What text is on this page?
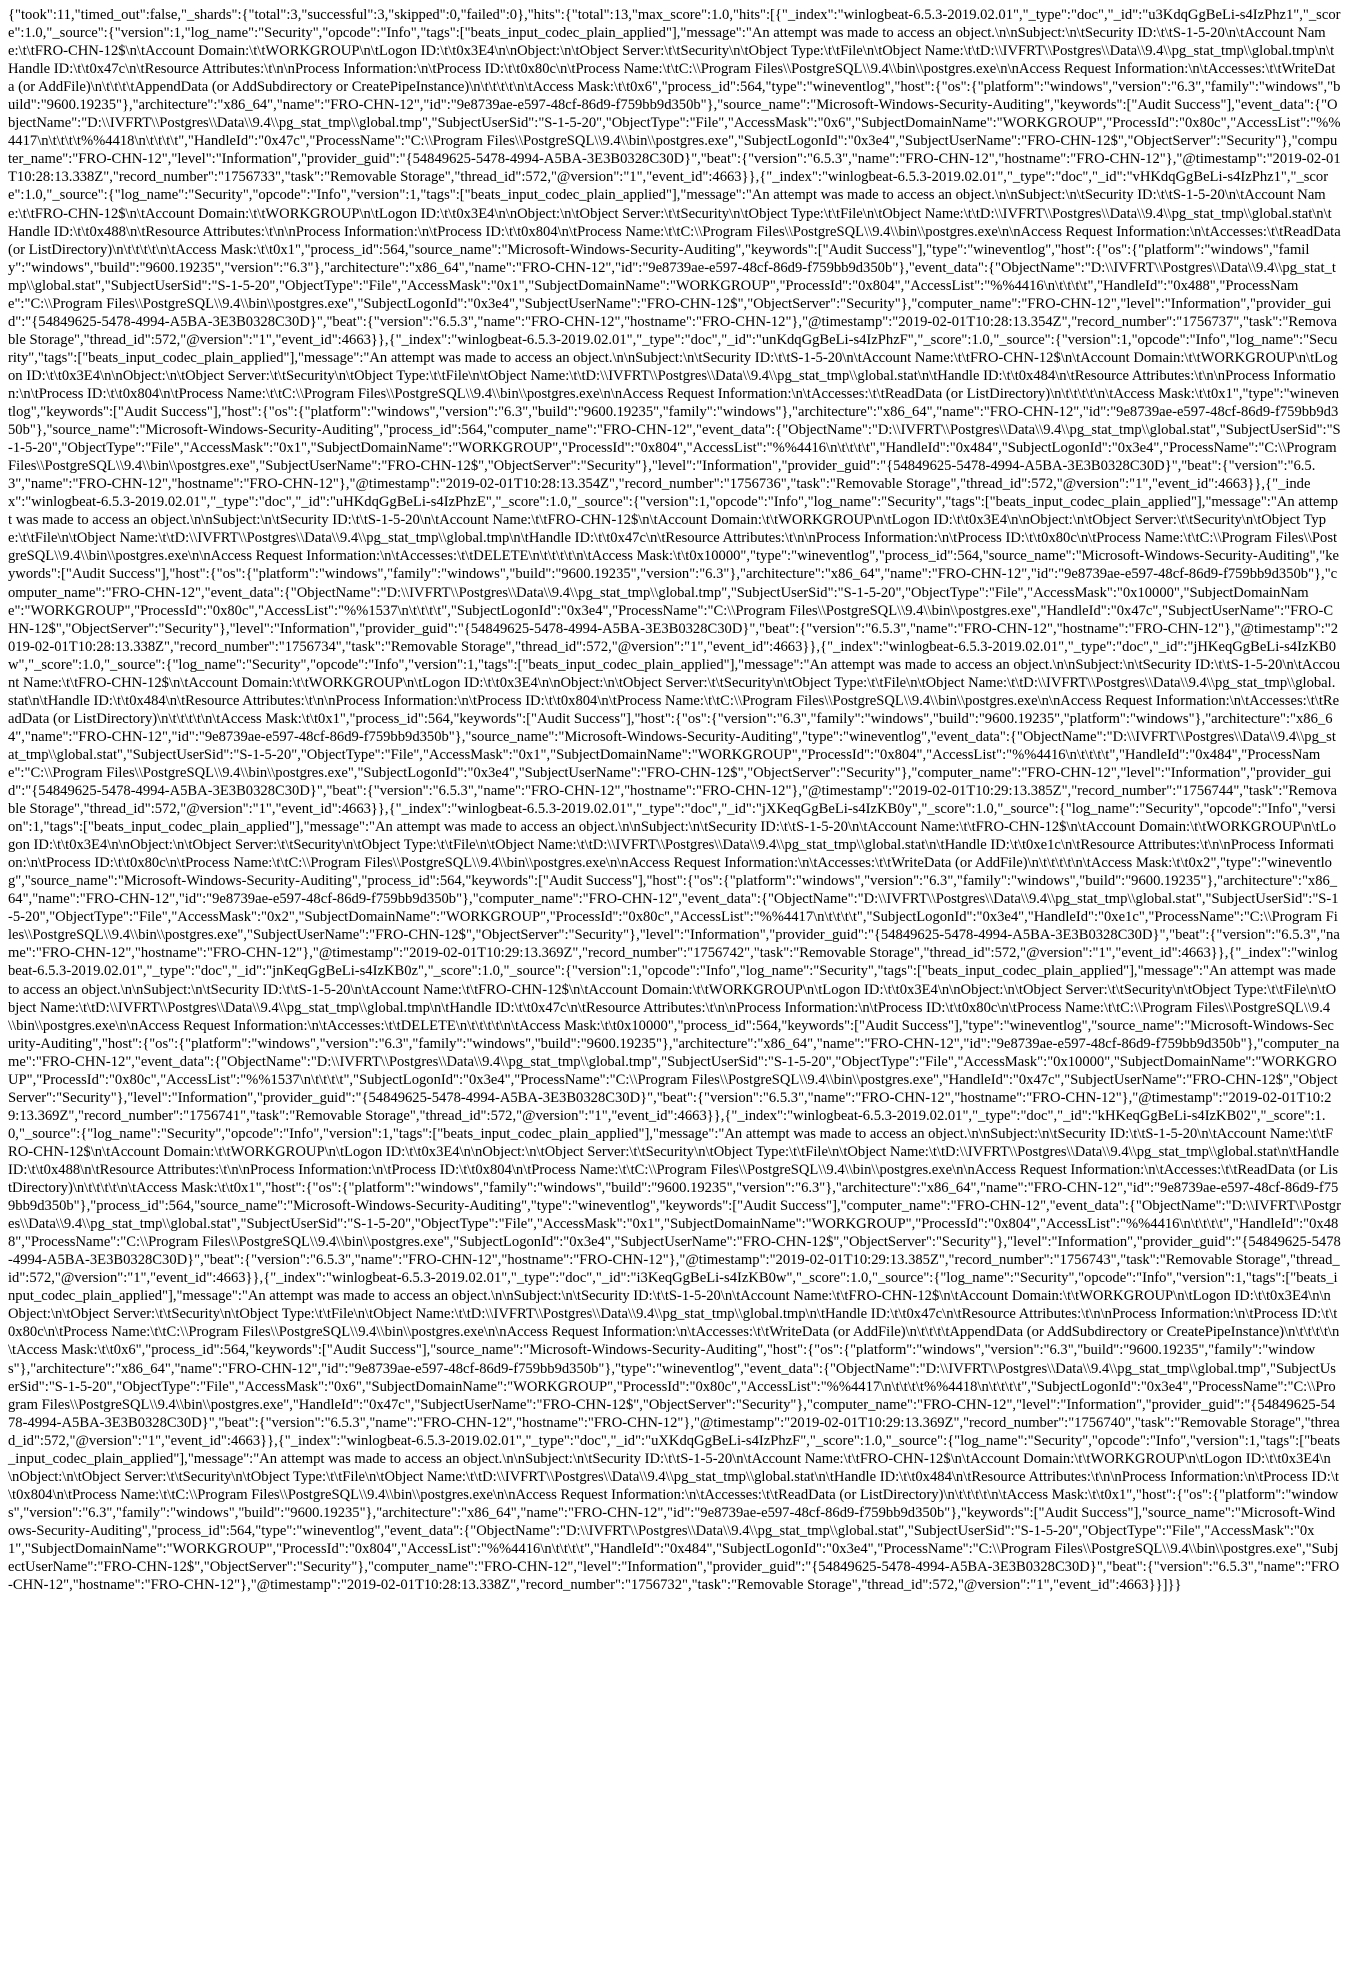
{"took":11,"timed_out":false,"_shards":{"total":3,"successful":3,"skipped":0,"failed":0},"hits":{"total":13,"max_score":1.0,"hits":[{"_index":"winlogbeat-6.5.3-2019.02.01","_type":"doc","_id":"u3KdqGgBeLi-s4IzPhz1","_score":1.0,"_source":{"version":1,"log_name":"Security","opcode":"Info","tags":["beats_input_codec_plain_applied"],"message":"An attempt was made to access an object.\n\nSubject:\n\tSecurity ID:\t\tS-1-5-20\n\tAccount Name:\t\tFRO-CHN-12$\n\tAccount Domain:\t\tWORKGROUP\n\tLogon ID:\t\t0x3E4\n\nObject:\n\tObject Server:\t\tSecurity\n\tObject Type:\t\tFile\n\tObject Name:\t\tD:\\IVFRT\\Postgres\\Data\\9.4\\pg_stat_tmp\\global.tmp\n\tHandle ID:\t\t0x47c\n\tResource Attributes:\t\n\nProcess Information:\n\tProcess ID:\t\t0x80c\n\tProcess Name:\t\tC:\\Program Files\\PostgreSQL\\9.4\\bin\\postgres.exe\n\nAccess Request Information:\n\tAccesses:\t\tWriteData (or AddFile)\n\t\t\t\tAppendData (or AddSubdirectory or CreatePipeInstance)\n\t\t\t\t\n\tAccess Mask:\t\t0x6","process_id":564,"type":"wineventlog","host":{"os":{"platform":"windows","version":"6.3","family":"windows","build":"9600.19235"},"architecture":"x86_64","name":"FRO-CHN-12","id":"9e8739ae-e597-48cf-86d9-f759bb9d350b"},"source_name":"Microsoft-Windows-Security-Auditing","keywords":["Audit Success"],"event_data":{"ObjectName":"D:\\IVFRT\\Postgres\\Data\\9.4\\pg_stat_tmp\\global.tmp","SubjectUserSid":"S-1-5-20","ObjectType":"File","AccessMask":"0x6","SubjectDomainName":"WORKGROUP","ProcessId":"0x80c","AccessList":"%%4417\n\t\t\t\t%%4418\n\t\t\t\t","HandleId":"0x47c","ProcessName":"C:\\Program Files\\PostgreSQL\\9.4\\bin\\postgres.exe","SubjectLogonId":"0x3e4","SubjectUserName":"FRO-CHN-12$","ObjectServer":"Security"},"computer_name":"FRO-CHN-12","level":"Information","provider_guid":"{54849625-5478-4994-A5BA-3E3B0328C30D}","beat":{"version":"6.5.3","name":"FRO-CHN-12","hostname":"FRO-CHN-12"},"@timestamp":"2019-02-01T10:28:13.338Z","record_number":"1756733","task":"Removable Storage","thread_id":572,"@version":"1","event_id":4663}},{"_index":"winlogbeat-6.5.3-2019.02.01","_type":"doc","_id":"vHKdqGgBeLi-s4IzPhz1","_score":1.0,"_source":{"log_name":"Security","opcode":"Info","version":1,"tags":["beats_input_codec_plain_applied"],"message":"An attempt was made to access an object.\n\nSubject:\n\tSecurity ID:\t\tS-1-5-20\n\tAccount Name:\t\tFRO-CHN-12$\n\tAccount Domain:\t\tWORKGROUP\n\tLogon ID:\t\t0x3E4\n\nObject:\n\tObject Server:\t\tSecurity\n\tObject Type:\t\tFile\n\tObject Name:\t\tD:\\IVFRT\\Postgres\\Data\\9.4\\pg_stat_tmp\\global.stat\n\tHandle ID:\t\t0x488\n\tResource Attributes:\t\n\nProcess Information:\n\tProcess ID:\t\t0x804\n\tProcess Name:\t\tC:\\Program Files\\PostgreSQL\\9.4\\bin\\postgres.exe\n\nAccess Request Information:\n\tAccesses:\t\tReadData (or ListDirectory)\n\t\t\t\t\n\tAccess Mask:\t\t0x1","process_id":564,"source_name":"Microsoft-Windows-Security-Auditing","keywords":["Audit Success"],"type":"wineventlog","host":{"os":{"platform":"windows","family":"windows","build":"9600.19235","version":"6.3"},"architecture":"x86_64","name":"FRO-CHN-12","id":"9e8739ae-e597-48cf-86d9-f759bb9d350b"},"event_data":{"ObjectName":"D:\\IVFRT\\Postgres\\Data\\9.4\\pg_stat_tmp\\global.stat","SubjectUserSid":"S-1-5-20","ObjectType":"File","AccessMask":"0x1","SubjectDomainName":"WORKGROUP","ProcessId":"0x804","AccessList":"%%4416\n\t\t\t\t","HandleId":"0x488","ProcessName":"C:\\Program Files\\PostgreSQL\\9.4\\bin\\postgres.exe","SubjectLogonId":"0x3e4","SubjectUserName":"FRO-CHN-12$","ObjectServer":"Security"},"computer_name":"FRO-CHN-12","level":"Information","provider_guid":"{54849625-5478-4994-A5BA-3E3B0328C30D}","beat":{"version":"6.5.3","name":"FRO-CHN-12","hostname":"FRO-CHN-12"},"@timestamp":"2019-02-01T10:28:13.354Z","record_number":"1756737","task":"Removable Storage","thread_id":572,"@version":"1","event_id":4663}},{"_index":"winlogbeat-6.5.3-2019.02.01","_type":"doc","_id":"unKdqGgBeLi-s4IzPhzF","_score":1.0,"_source":{"version":1,"opcode":"Info","log_name":"Security","tags":["beats_input_codec_plain_applied"],"message":"An attempt was made to access an object.\n\nSubject:\n\tSecurity ID:\t\tS-1-5-20\n\tAccount Name:\t\tFRO-CHN-12$\n\tAccount Domain:\t\tWORKGROUP\n\tLogon ID:\t\t0x3E4\n\nObject:\n\tObject Server:\t\tSecurity\n\tObject Type:\t\tFile\n\tObject Name:\t\tD:\\IVFRT\\Postgres\\Data\\9.4\\pg_stat_tmp\\global.stat\n\tHandle ID:\t\t0x484\n\tResource Attributes:\t\n\nProcess Information:\n\tProcess ID:\t\t0x804\n\tProcess Name:\t\tC:\\Program Files\\PostgreSQL\\9.4\\bin\\postgres.exe\n\nAccess Request Information:\n\tAccesses:\t\tReadData (or ListDirectory)\n\t\t\t\t\n\tAccess Mask:\t\t0x1","type":"wineventlog","keywords":["Audit Success"],"host":{"os":{"platform":"windows","version":"6.3","build":"9600.19235","family":"windows"},"architecture":"x86_64","name":"FRO-CHN-12","id":"9e8739ae-e597-48cf-86d9-f759bb9d350b"},"source_name":"Microsoft-Windows-Security-Auditing","process_id":564,"computer_name":"FRO-CHN-12","event_data":{"ObjectName":"D:\\IVFRT\\Postgres\\Data\\9.4\\pg_stat_tmp\\global.stat","SubjectUserSid":"S-1-5-20","ObjectType":"File","AccessMask":"0x1","SubjectDomainName":"WORKGROUP","ProcessId":"0x804","AccessList":"%%4416\n\t\t\t\t","HandleId":"0x484","SubjectLogonId":"0x3e4","ProcessName":"C:\\Program Files\\PostgreSQL\\9.4\\bin\\postgres.exe","SubjectUserName":"FRO-CHN-12$","ObjectServer":"Security"},"level":"Information","provider_guid":"{54849625-5478-4994-A5BA-3E3B0328C30D}","beat":{"version":"6.5.3","name":"FRO-CHN-12","hostname":"FRO-CHN-12"},"@timestamp":"2019-02-01T10:28:13.354Z","record_number":"1756736","task":"Removable Storage","thread_id":572,"@version":"1","event_id":4663}},{"_index":"winlogbeat-6.5.3-2019.02.01","_type":"doc","_id":"uHKdqGgBeLi-s4IzPhzE","_score":1.0,"_source":{"version":1,"opcode":"Info","log_name":"Security","tags":["beats_input_codec_plain_applied"],"message":"An attempt was made to access an object.\n\nSubject:\n\tSecurity ID:\t\tS-1-5-20\n\tAccount Name:\t\tFRO-CHN-12$\n\tAccount Domain:\t\tWORKGROUP\n\tLogon ID:\t\t0x3E4\n\nObject:\n\tObject Server:\t\tSecurity\n\tObject Type:\t\tFile\n\tObject Name:\t\tD:\\IVFRT\\Postgres\\Data\\9.4\\pg_stat_tmp\\global.tmp\n\tHandle ID:\t\t0x47c\n\tResource Attributes:\t\n\nProcess Information:\n\tProcess ID:\t\t0x80c\n\tProcess Name:\t\tC:\\Program Files\\PostgreSQL\\9.4\\bin\\postgres.exe\n\nAccess Request Information:\n\tAccesses:\t\tDELETE\n\t\t\t\t\n\tAccess Mask:\t\t0x10000","type":"wineventlog","process_id":564,"source_name":"Microsoft-Windows-Security-Auditing","keywords":["Audit Success"],"host":{"os":{"platform":"windows","family":"windows","build":"9600.19235","version":"6.3"},"architecture":"x86_64","name":"FRO-CHN-12","id":"9e8739ae-e597-48cf-86d9-f759bb9d350b"},"computer_name":"FRO-CHN-12","event_data":{"ObjectName":"D:\\IVFRT\\Postgres\\Data\\9.4\\pg_stat_tmp\\global.tmp","SubjectUserSid":"S-1-5-20","ObjectType":"File","AccessMask":"0x10000","SubjectDomainName":"WORKGROUP","ProcessId":"0x80c","AccessList":"%%1537\n\t\t\t\t","SubjectLogonId":"0x3e4","ProcessName":"C:\\Program Files\\PostgreSQL\\9.4\\bin\\postgres.exe","HandleId":"0x47c","SubjectUserName":"FRO-CHN-12$","ObjectServer":"Security"},"level":"Information","provider_guid":"{54849625-5478-4994-A5BA-3E3B0328C30D}","beat":{"version":"6.5.3","name":"FRO-CHN-12","hostname":"FRO-CHN-12"},"@timestamp":"2019-02-01T10:28:13.338Z","record_number":"1756734","task":"Removable Storage","thread_id":572,"@version":"1","event_id":4663}},{"_index":"winlogbeat-6.5.3-2019.02.01","_type":"doc","_id":"jHKeqGgBeLi-s4IzKB0w","_score":1.0,"_source":{"log_name":"Security","opcode":"Info","version":1,"tags":["beats_input_codec_plain_applied"],"message":"An attempt was made to access an object.\n\nSubject:\n\tSecurity ID:\t\tS-1-5-20\n\tAccount Name:\t\tFRO-CHN-12$\n\tAccount Domain:\t\tWORKGROUP\n\tLogon ID:\t\t0x3E4\n\nObject:\n\tObject Server:\t\tSecurity\n\tObject Type:\t\tFile\n\tObject Name:\t\tD:\\IVFRT\\Postgres\\Data\\9.4\\pg_stat_tmp\\global.stat\n\tHandle ID:\t\t0x484\n\tResource Attributes:\t\n\nProcess Information:\n\tProcess ID:\t\t0x804\n\tProcess Name:\t\tC:\\Program Files\\PostgreSQL\\9.4\\bin\\postgres.exe\n\nAccess Request Information:\n\tAccesses:\t\tReadData (or ListDirectory)\n\t\t\t\t\n\tAccess Mask:\t\t0x1","process_id":564,"keywords":["Audit Success"],"host":{"os":{"version":"6.3","family":"windows","build":"9600.19235","platform":"windows"},"architecture":"x86_64","name":"FRO-CHN-12","id":"9e8739ae-e597-48cf-86d9-f759bb9d350b"},"source_name":"Microsoft-Windows-Security-Auditing","type":"wineventlog","event_data":{"ObjectName":"D:\\IVFRT\\Postgres\\Data\\9.4\\pg_stat_tmp\\global.stat","SubjectUserSid":"S-1-5-20","ObjectType":"File","AccessMask":"0x1","SubjectDomainName":"WORKGROUP","ProcessId":"0x804","AccessList":"%%4416\n\t\t\t\t","HandleId":"0x484","ProcessName":"C:\\Program Files\\PostgreSQL\\9.4\\bin\\postgres.exe","SubjectLogonId":"0x3e4","SubjectUserName":"FRO-CHN-12$","ObjectServer":"Security"},"computer_name":"FRO-CHN-12","level":"Information","provider_guid":"{54849625-5478-4994-A5BA-3E3B0328C30D}","beat":{"version":"6.5.3","name":"FRO-CHN-12","hostname":"FRO-CHN-12"},"@timestamp":"2019-02-01T10:29:13.385Z","record_number":"1756744","task":"Removable Storage","thread_id":572,"@version":"1","event_id":4663}},{"_index":"winlogbeat-6.5.3-2019.02.01","_type":"doc","_id":"jXKeqGgBeLi-s4IzKB0y","_score":1.0,"_source":{"log_name":"Security","opcode":"Info","version":1,"tags":["beats_input_codec_plain_applied"],"message":"An attempt was made to access an object.\n\nSubject:\n\tSecurity ID:\t\tS-1-5-20\n\tAccount Name:\t\tFRO-CHN-12$\n\tAccount Domain:\t\tWORKGROUP\n\tLogon ID:\t\t0x3E4\n\nObject:\n\tObject Server:\t\tSecurity\n\tObject Type:\t\tFile\n\tObject Name:\t\tD:\\IVFRT\\Postgres\\Data\\9.4\\pg_stat_tmp\\global.stat\n\tHandle ID:\t\t0xe1c\n\tResource Attributes:\t\n\nProcess Information:\n\tProcess ID:\t\t0x80c\n\tProcess Name:\t\tC:\\Program Files\\PostgreSQL\\9.4\\bin\\postgres.exe\n\nAccess Request Information:\n\tAccesses:\t\tWriteData (or AddFile)\n\t\t\t\t\n\tAccess Mask:\t\t0x2","type":"wineventlog","source_name":"Microsoft-Windows-Security-Auditing","process_id":564,"keywords":["Audit Success"],"host":{"os":{"platform":"windows","version":"6.3","family":"windows","build":"9600.19235"},"architecture":"x86_64","name":"FRO-CHN-12","id":"9e8739ae-e597-48cf-86d9-f759bb9d350b"},"computer_name":"FRO-CHN-12","event_data":{"ObjectName":"D:\\IVFRT\\Postgres\\Data\\9.4\\pg_stat_tmp\\global.stat","SubjectUserSid":"S-1-5-20","ObjectType":"File","AccessMask":"0x2","SubjectDomainName":"WORKGROUP","ProcessId":"0x80c","AccessList":"%%4417\n\t\t\t\t","SubjectLogonId":"0x3e4","HandleId":"0xe1c","ProcessName":"C:\\Program Files\\PostgreSQL\\9.4\\bin\\postgres.exe","SubjectUserName":"FRO-CHN-12$","ObjectServer":"Security"},"level":"Information","provider_guid":"{54849625-5478-4994-A5BA-3E3B0328C30D}","beat":{"version":"6.5.3","name":"FRO-CHN-12","hostname":"FRO-CHN-12"},"@timestamp":"2019-02-01T10:29:13.369Z","record_number":"1756742","task":"Removable Storage","thread_id":572,"@version":"1","event_id":4663}},{"_index":"winlogbeat-6.5.3-2019.02.01","_type":"doc","_id":"jnKeqGgBeLi-s4IzKB0z","_score":1.0,"_source":{"version":1,"opcode":"Info","log_name":"Security","tags":["beats_input_codec_plain_applied"],"message":"An attempt was made to access an object.\n\nSubject:\n\tSecurity ID:\t\tS-1-5-20\n\tAccount Name:\t\tFRO-CHN-12$\n\tAccount Domain:\t\tWORKGROUP\n\tLogon ID:\t\t0x3E4\n\nObject:\n\tObject Server:\t\tSecurity\n\tObject Type:\t\tFile\n\tObject Name:\t\tD:\\IVFRT\\Postgres\\Data\\9.4\\pg_stat_tmp\\global.tmp\n\tHandle ID:\t\t0x47c\n\tResource Attributes:\t\n\nProcess Information:\n\tProcess ID:\t\t0x80c\n\tProcess Name:\t\tC:\\Program Files\\PostgreSQL\\9.4\\bin\\postgres.exe\n\nAccess Request Information:\n\tAccesses:\t\tDELETE\n\t\t\t\t\n\tAccess Mask:\t\t0x10000","process_id":564,"keywords":["Audit Success"],"type":"wineventlog","source_name":"Microsoft-Windows-Security-Auditing","host":{"os":{"platform":"windows","version":"6.3","family":"windows","build":"9600.19235"},"architecture":"x86_64","name":"FRO-CHN-12","id":"9e8739ae-e597-48cf-86d9-f759bb9d350b"},"computer_name":"FRO-CHN-12","event_data":{"ObjectName":"D:\\IVFRT\\Postgres\\Data\\9.4\\pg_stat_tmp\\global.tmp","SubjectUserSid":"S-1-5-20","ObjectType":"File","AccessMask":"0x10000","SubjectDomainName":"WORKGROUP","ProcessId":"0x80c","AccessList":"%%1537\n\t\t\t\t","SubjectLogonId":"0x3e4","ProcessName":"C:\\Program Files\\PostgreSQL\\9.4\\bin\\postgres.exe","HandleId":"0x47c","SubjectUserName":"FRO-CHN-12$","ObjectServer":"Security"},"level":"Information","provider_guid":"{54849625-5478-4994-A5BA-3E3B0328C30D}","beat":{"version":"6.5.3","name":"FRO-CHN-12","hostname":"FRO-CHN-12"},"@timestamp":"2019-02-01T10:29:13.369Z","record_number":"1756741","task":"Removable Storage","thread_id":572,"@version":"1","event_id":4663}},{"_index":"winlogbeat-6.5.3-2019.02.01","_type":"doc","_id":"kHKeqGgBeLi-s4IzKB02","_score":1.0,"_source":{"log_name":"Security","opcode":"Info","version":1,"tags":["beats_input_codec_plain_applied"],"message":"An attempt was made to access an object.\n\nSubject:\n\tSecurity ID:\t\tS-1-5-20\n\tAccount Name:\t\tFRO-CHN-12$\n\tAccount Domain:\t\tWORKGROUP\n\tLogon ID:\t\t0x3E4\n\nObject:\n\tObject Server:\t\tSecurity\n\tObject Type:\t\tFile\n\tObject Name:\t\tD:\\IVFRT\\Postgres\\Data\\9.4\\pg_stat_tmp\\global.stat\n\tHandle ID:\t\t0x488\n\tResource Attributes:\t\n\nProcess Information:\n\tProcess ID:\t\t0x804\n\tProcess Name:\t\tC:\\Program Files\\PostgreSQL\\9.4\\bin\\postgres.exe\n\nAccess Request Information:\n\tAccesses:\t\tReadData (or ListDirectory)\n\t\t\t\t\n\tAccess Mask:\t\t0x1","host":{"os":{"platform":"windows","family":"windows","build":"9600.19235","version":"6.3"},"architecture":"x86_64","name":"FRO-CHN-12","id":"9e8739ae-e597-48cf-86d9-f759bb9d350b"},"process_id":564,"source_name":"Microsoft-Windows-Security-Auditing","type":"wineventlog","keywords":["Audit Success"],"computer_name":"FRO-CHN-12","event_data":{"ObjectName":"D:\\IVFRT\\Postgres\\Data\\9.4\\pg_stat_tmp\\global.stat","SubjectUserSid":"S-1-5-20","ObjectType":"File","AccessMask":"0x1","SubjectDomainName":"WORKGROUP","ProcessId":"0x804","AccessList":"%%4416\n\t\t\t\t","HandleId":"0x488","ProcessName":"C:\\Program Files\\PostgreSQL\\9.4\\bin\\postgres.exe","SubjectLogonId":"0x3e4","SubjectUserName":"FRO-CHN-12$","ObjectServer":"Security"},"level":"Information","provider_guid":"{54849625-5478-4994-A5BA-3E3B0328C30D}","beat":{"version":"6.5.3","name":"FRO-CHN-12","hostname":"FRO-CHN-12"},"@timestamp":"2019-02-01T10:29:13.385Z","record_number":"1756743","task":"Removable Storage","thread_id":572,"@version":"1","event_id":4663}},{"_index":"winlogbeat-6.5.3-2019.02.01","_type":"doc","_id":"i3KeqGgBeLi-s4IzKB0w","_score":1.0,"_source":{"log_name":"Security","opcode":"Info","version":1,"tags":["beats_input_codec_plain_applied"],"message":"An attempt was made to access an object.\n\nSubject:\n\tSecurity ID:\t\tS-1-5-20\n\tAccount Name:\t\tFRO-CHN-12$\n\tAccount Domain:\t\tWORKGROUP\n\tLogon ID:\t\t0x3E4\n\nObject:\n\tObject Server:\t\tSecurity\n\tObject Type:\t\tFile\n\tObject Name:\t\tD:\\IVFRT\\Postgres\\Data\\9.4\\pg_stat_tmp\\global.tmp\n\tHandle ID:\t\t0x47c\n\tResource Attributes:\t\n\nProcess Information:\n\tProcess ID:\t\t0x80c\n\tProcess Name:\t\tC:\\Program Files\\PostgreSQL\\9.4\\bin\\postgres.exe\n\nAccess Request Information:\n\tAccesses:\t\tWriteData (or AddFile)\n\t\t\t\tAppendData (or AddSubdirectory or CreatePipeInstance)\n\t\t\t\t\n\tAccess Mask:\t\t0x6","process_id":564,"keywords":["Audit Success"],"source_name":"Microsoft-Windows-Security-Auditing","host":{"os":{"platform":"windows","version":"6.3","build":"9600.19235","family":"windows"},"architecture":"x86_64","name":"FRO-CHN-12","id":"9e8739ae-e597-48cf-86d9-f759bb9d350b"},"type":"wineventlog","event_data":{"ObjectName":"D:\\IVFRT\\Postgres\\Data\\9.4\\pg_stat_tmp\\global.tmp","SubjectUserSid":"S-1-5-20","ObjectType":"File","AccessMask":"0x6","SubjectDomainName":"WORKGROUP","ProcessId":"0x80c","AccessList":"%%4417\n\t\t\t\t%%4418\n\t\t\t\t","SubjectLogonId":"0x3e4","ProcessName":"C:\\Program Files\\PostgreSQL\\9.4\\bin\\postgres.exe","HandleId":"0x47c","SubjectUserName":"FRO-CHN-12$","ObjectServer":"Security"},"computer_name":"FRO-CHN-12","level":"Information","provider_guid":"{54849625-5478-4994-A5BA-3E3B0328C30D}","beat":{"version":"6.5.3","name":"FRO-CHN-12","hostname":"FRO-CHN-12"},"@timestamp":"2019-02-01T10:29:13.369Z","record_number":"1756740","task":"Removable Storage","thread_id":572,"@version":"1","event_id":4663}},{"_index":"winlogbeat-6.5.3-2019.02.01","_type":"doc","_id":"uXKdqGgBeLi-s4IzPhzF","_score":1.0,"_source":{"log_name":"Security","opcode":"Info","version":1,"tags":["beats_input_codec_plain_applied"],"message":"An attempt was made to access an object.\n\nSubject:\n\tSecurity ID:\t\tS-1-5-20\n\tAccount Name:\t\tFRO-CHN-12$\n\tAccount Domain:\t\tWORKGROUP\n\tLogon ID:\t\t0x3E4\n\nObject:\n\tObject Server:\t\tSecurity\n\tObject Type:\t\tFile\n\tObject Name:\t\tD:\\IVFRT\\Postgres\\Data\\9.4\\pg_stat_tmp\\global.stat\n\tHandle ID:\t\t0x484\n\tResource Attributes:\t\n\nProcess Information:\n\tProcess ID:\t\t0x804\n\tProcess Name:\t\tC:\\Program Files\\PostgreSQL\\9.4\\bin\\postgres.exe\n\nAccess Request Information:\n\tAccesses:\t\tReadData (or ListDirectory)\n\t\t\t\t\n\tAccess Mask:\t\t0x1","host":{"os":{"platform":"windows","version":"6.3","family":"windows","build":"9600.19235"},"architecture":"x86_64","name":"FRO-CHN-12","id":"9e8739ae-e597-48cf-86d9-f759bb9d350b"},"keywords":["Audit Success"],"source_name":"Microsoft-Windows-Security-Auditing","process_id":564,"type":"wineventlog","event_data":{"ObjectName":"D:\\IVFRT\\Postgres\\Data\\9.4\\pg_stat_tmp\\global.stat","SubjectUserSid":"S-1-5-20","ObjectType":"File","AccessMask":"0x1","SubjectDomainName":"WORKGROUP","ProcessId":"0x804","AccessList":"%%4416\n\t\t\t\t","HandleId":"0x484","SubjectLogonId":"0x3e4","ProcessName":"C:\\Program Files\\PostgreSQL\\9.4\\bin\\postgres.exe","SubjectUserName":"FRO-CHN-12$","ObjectServer":"Security"},"computer_name":"FRO-CHN-12","level":"Information","provider_guid":"{54849625-5478-4994-A5BA-3E3B0328C30D}","beat":{"version":"6.5.3","name":"FRO-CHN-12","hostname":"FRO-CHN-12"},"@timestamp":"2019-02-01T10:28:13.338Z","record_number":"1756732","task":"Removable Storage","thread_id":572,"@version":"1","event_id":4663}}]}}
